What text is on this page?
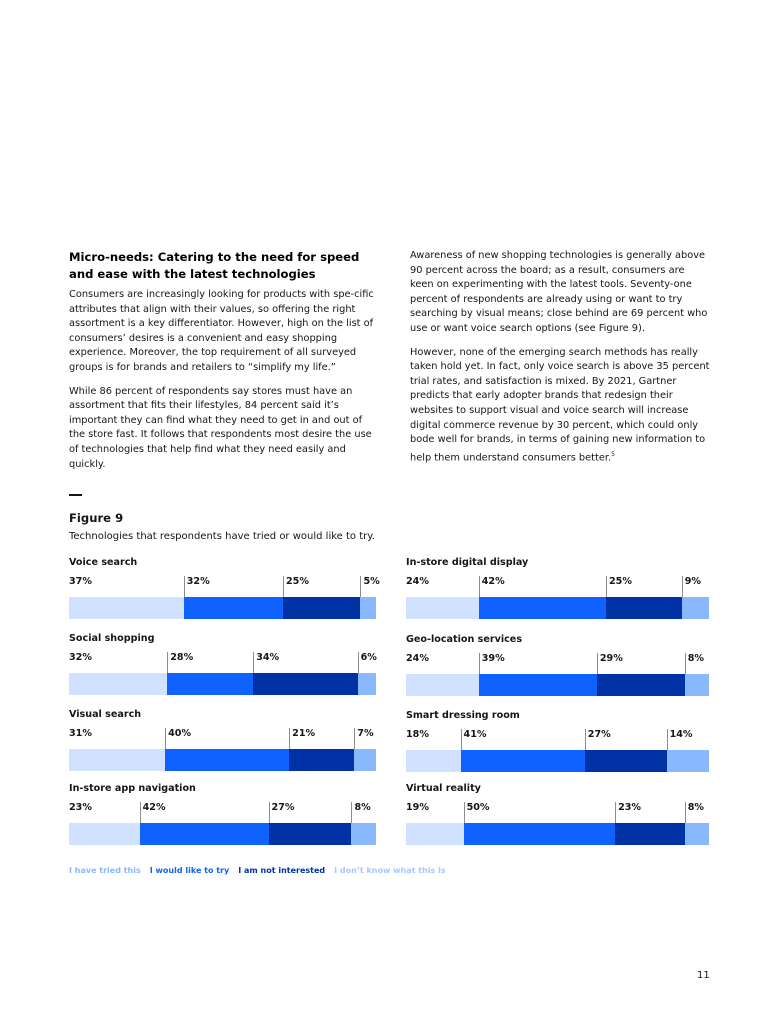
Micro-needs: Catering to the need for speed and ease with the latest technologies

Consumers are increasingly looking for products with spe-cific attributes that align with their values, so offering the right assortment is a key differentiator. However, high on the list of consumers’ desires is a convenient and easy shopping experience. Moreover, the top requirement of all surveyed groups is for brands and retailers to “simplify my life.”

While 86 percent of respondents say stores must have an assortment that fits their lifestyles, 84 percent said it’s important they can find what they need to get in and out of the store fast. It follows that respondents most desire the use of technologies that help find what they need easily and quickly.

Awareness of new shopping technologies is generally above 90 percent across the board; as a result, consumers are keen on experimenting with the latest tools. Seventy-one percent of respondents are already using or want to try searching by visual means; close behind are 69 percent who use or want voice search options (see Figure 9).

However, none of the emerging search methods has really taken hold yet. In fact, only voice search is above 35 percent trial rates, and satisfaction is mixed. By 2021, Gartner predicts that early adopter brands that redesign their websites to support visual and voice search will increase digital commerce revenue by 30 percent, which could only bode well for brands, in terms of gaining new information to help them understand consumers better.$^5$

Figure 9

Technologies that respondents have tried or would like to try.

Voice search
37%	32%	25%	5%
Social shopping
32%	28%	34%	6%
Visual search
31%	40%	21%	7%
In-store app navigation
23%	42%	27%	8%
In-store digital display
24%	42%	25%	9%
Geo-location services
24%	39%	29%	8%
Smart dressing room
18%	41%	27%	14%
Virtual reality
19%	50%	23%	8%
I have tried this I would like to try I am not interested I don’t know what this is
11
